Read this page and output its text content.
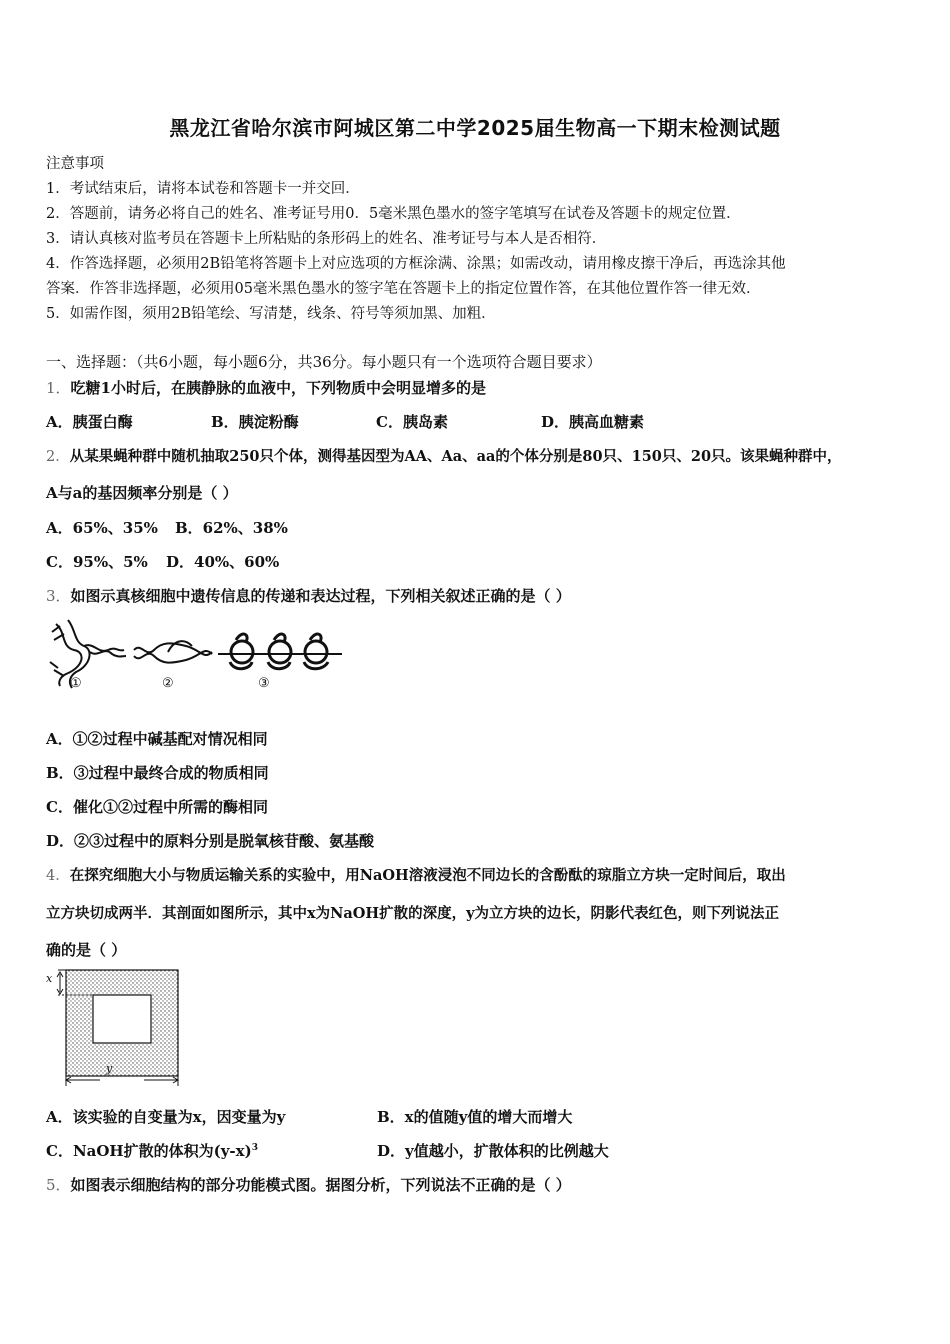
黑龙江省哈尔滨市阿城区第二中学2025届生物高一下期末检测试题
注意事项
1．考试结束后，请将本试卷和答题卡一并交回．
2．答题前，请务必将自己的姓名、准考证号用0．5毫米黑色墨水的签字笔填写在试卷及答题卡的规定位置．
3．请认真核对监考员在答题卡上所粘贴的条形码上的姓名、准考证号与本人是否相符．
4．作答选择题，必须用2B铅笔将答题卡上对应选项的方框涂满、涂黑；如需改动，请用橡皮擦干净后，再选涂其他
答案．作答非选择题，必须用05毫米黑色墨水的签字笔在答题卡上的指定位置作答，在其他位置作答一律无效．
5．如需作图，须用2B铅笔绘、写清楚，线条、符号等须加黑、加粗．
一、选择题：（共6小题，每小题6分，共36分。每小题只有一个选项符合题目要求）
1．吃糖1小时后，在胰静脉的血液中，下列物质中会明显增多的是
A．胰蛋白酶	B．胰淀粉酶	C．胰岛素	D．胰高血糖素
2．从某果蝇种群中随机抽取250只个体，测得基因型为AA、Aa、aa的个体分别是80只、150只、20只。该果蝇种群中，
A与a的基因频率分别是（ ）
A．65%、35% B．62%、38%
C．95%、5% D．40%、60%
3．如图示真核细胞中遗传信息的传递和表达过程，下列相关叙述正确的是（ ）
①	②	③
A．①②过程中碱基配对情况相同
B．③过程中最终合成的物质相同
C．催化①②过程中所需的酶相同
D．②③过程中的原料分别是脱氧核苷酸、氨基酸
4．在探究细胞大小与物质运输关系的实验中，用NaOH溶液浸泡不同边长的含酚酞的琼脂立方块一定时间后，取出
立方块切成两半．其剖面如图所示，其中x为NaOH扩散的深度，y为立方块的边长，阴影代表红色，则下列说法正
确的是（ ）
x
y
A．该实验的自变量为x，因变量为y	B．x的值随y值的增大而增大
C．NaOH扩散的体积为$(y-x)^3$	D．y值越小，扩散体积的比例越大
5．如图表示细胞结构的部分功能模式图。据图分析，下列说法不正确的是（ ）
